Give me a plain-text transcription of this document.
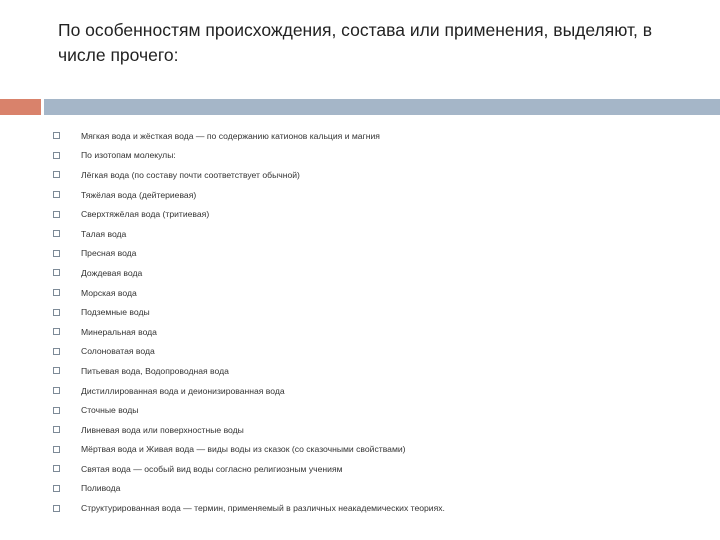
По особенностям происхождения, состава или применения, выделяют, в числе прочего:
Мягкая вода и жёсткая вода — по содержанию катионов кальция и магния
По изотопам молекулы:
Лёгкая вода (по составу почти соответствует обычной)
Тяжёлая вода (дейтериевая)
Сверхтяжёлая вода (тритиевая)
Талая вода
Пресная вода
Дождевая вода
Морская вода
Подземные воды
Минеральная вода
Солоноватая вода
Питьевая вода, Водопроводная вода
Дистиллированная вода и деионизированная вода
Сточные воды
Ливневая вода или поверхностные воды
Мёртвая вода и Живая вода — виды воды из сказок (со сказочными свойствами)
Святая вода — особый вид воды согласно религиозным учениям
Поливода
Структурированная вода — термин, применяемый в различных неакадемических теориях.
